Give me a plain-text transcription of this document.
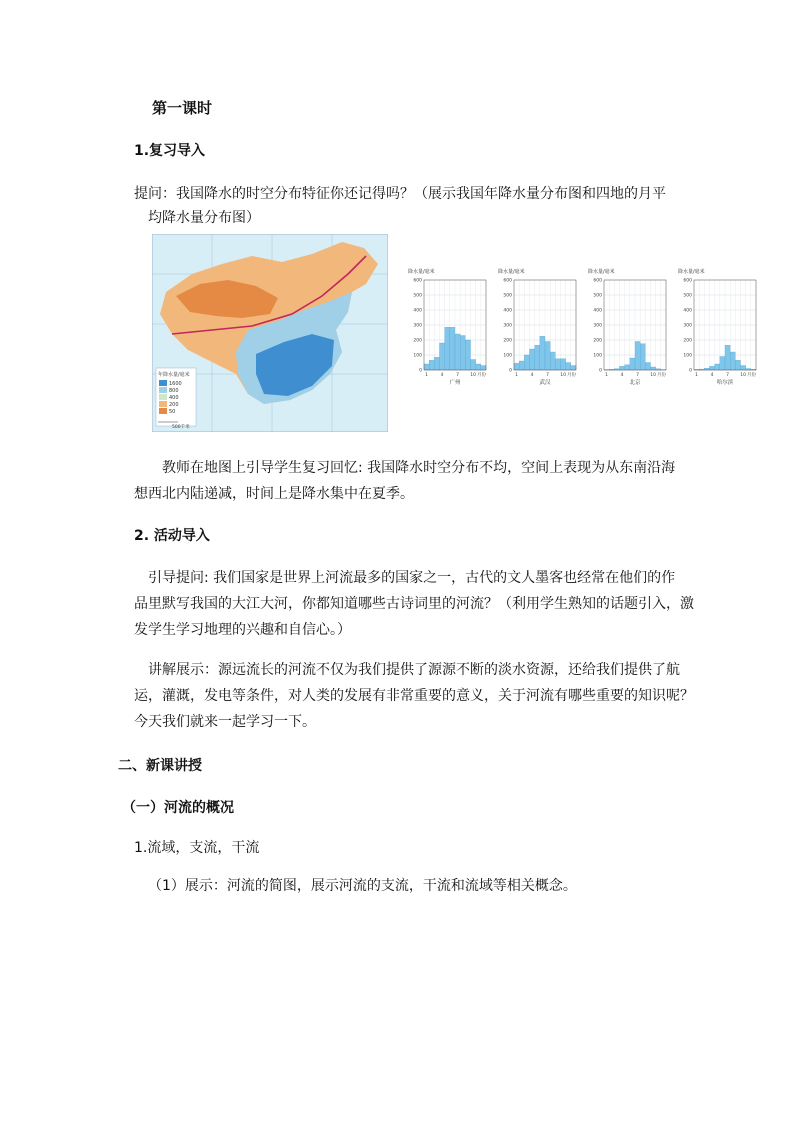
第一课时
1.复习导入
提问：我国降水的时空分布特征你还记得吗？（展示我国年降水量分布图和四地的月平
均降水量分布图）
年降水量/毫米
1600
800
400
200
50
500千米
降水量/毫米
600
500
400
300
200
100
0
1	4	7 10 月份
广州
降水量/毫米
600
500
400
300
200
100
0
1	4	7 10 月份
武汉
降水量/毫米
600
500
400
300
200
100
0
1	4	7 10 月份
北京
降水量/毫米
600
500
400
300
200
100
0
1	4	7 10 月份
哈尔滨
教师在地图上引导学生复习回忆: 我国降水时空分布不均，空间上表现为从东南沿海
想西北内陆递减，时间上是降水集中在夏季。
2. 活动导入
引导提问: 我们国家是世界上河流最多的国家之一，古代的文人墨客也经常在他们的作
品里默写我国的大江大河，你都知道哪些古诗词里的河流？（利用学生熟知的话题引入，激
发学生学习地理的兴趣和自信心。）
讲解展示：源远流长的河流不仅为我们提供了源源不断的淡水资源，还给我们提供了航
运，灌溉，发电等条件，对人类的发展有非常重要的意义，关于河流有哪些重要的知识呢？
今天我们就来一起学习一下。
二、新课讲授
（一）河流的概况
1.流域，支流，干流
（1）展示：河流的简图，展示河流的支流，干流和流域等相关概念。
